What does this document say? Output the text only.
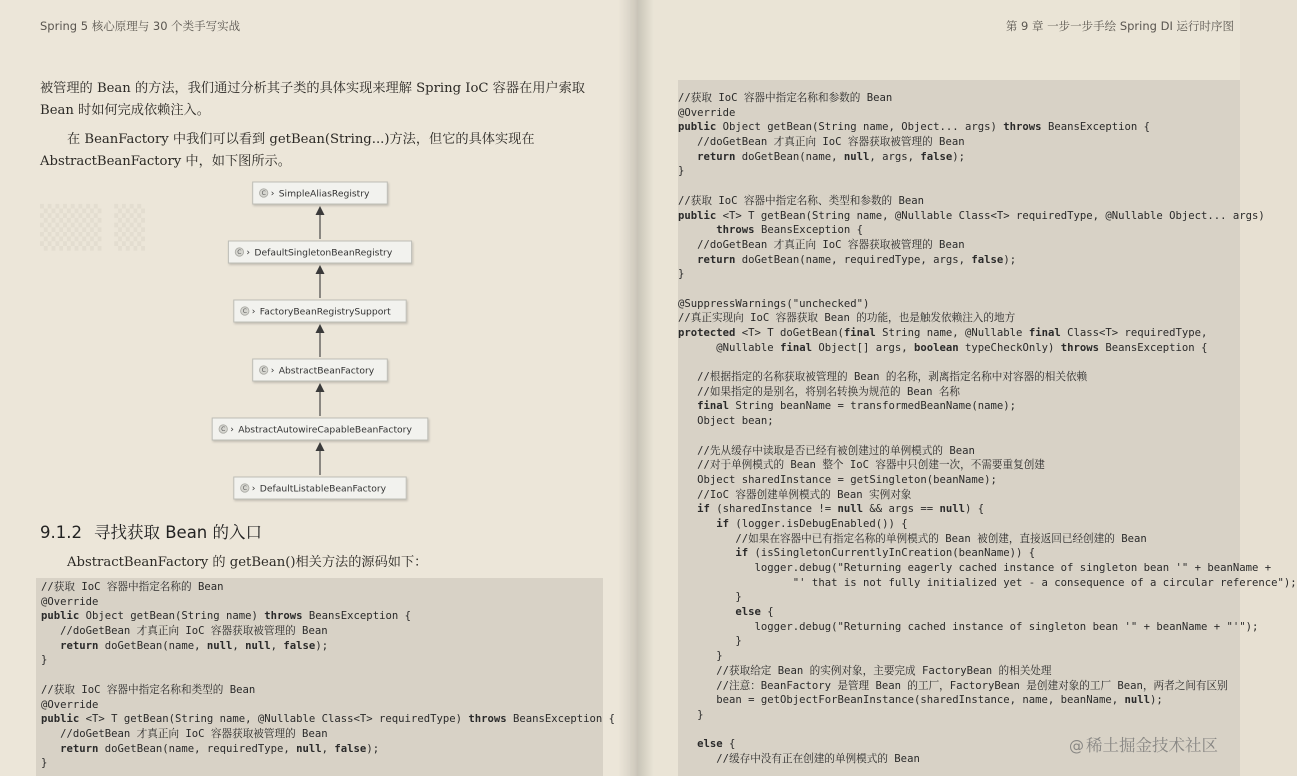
▒▒ ▒
Spring 5 核心原理与 30 个类手写实战

被管理的 Bean 的方法，我们通过分析其子类的具体实现来理解 Spring IoC 容器在用户索取 Bean 时如何完成依赖注入。

在 BeanFactory 中我们可以看到 getBean(String...)方法，但它的具体实现在 AbstractBeanFactory 中，如下图所示。

C › SimpleAliasRegistry
C › DefaultSingletonBeanRegistry
C › FactoryBeanRegistrySupport
C › AbstractBeanFactory
C › AbstractAutowireCapableBeanFactory
C › DefaultListableBeanFactory
9.1.2 寻找获取 Bean 的入口

AbstractBeanFactory 的 getBean()相关方法的源码如下：

//获取 IoC 容器中指定名称的 Bean
@Override
public Object getBean(String name) throws BeansException {
//doGetBean 才真正向 IoC 容器获取被管理的 Bean
return doGetBean(name, null, null, false);
}
//获取 IoC 容器中指定名称和类型的 Bean
@Override
public <T> T getBean(String name, @Nullable Class<T> requiredType) throws BeansException {
//doGetBean 才真正向 IoC 容器获取被管理的 Bean
return doGetBean(name, requiredType, null, false);
}
第 9 章 一步一步手绘 Spring DI 运行时序图
//获取 IoC 容器中指定名称和参数的 Bean
@Override
public Object getBean(String name, Object... args) throws BeansException {
//doGetBean 才真正向 IoC 容器获取被管理的 Bean
return doGetBean(name, null, args, false);
}
//获取 IoC 容器中指定名称、类型和参数的 Bean
public <T> T getBean(String name, @Nullable Class<T> requiredType, @Nullable Object... args)
throws BeansException {
//doGetBean 才真正向 IoC 容器获取被管理的 Bean
return doGetBean(name, requiredType, args, false);
}
@SuppressWarnings("unchecked")
//真正实现向 IoC 容器获取 Bean 的功能，也是触发依赖注入的地方
protected <T> T doGetBean(final String name, @Nullable final Class<T> requiredType,
@Nullable final Object[] args, boolean typeCheckOnly) throws BeansException {
//根据指定的名称获取被管理的 Bean 的名称，剥离指定名称中对容器的相关依赖
//如果指定的是别名，将别名转换为规范的 Bean 名称
final String beanName = transformedBeanName(name);
Object bean;
//先从缓存中读取是否已经有被创建过的单例模式的 Bean
//对于单例模式的 Bean 整个 IoC 容器中只创建一次，不需要重复创建
Object sharedInstance = getSingleton(beanName);
//IoC 容器创建单例模式的 Bean 实例对象
if (sharedInstance != null && args == null) {
if (logger.isDebugEnabled()) {
//如果在容器中已有指定名称的单例模式的 Bean 被创建，直接返回已经创建的 Bean
if (isSingletonCurrentlyInCreation(beanName)) {
logger.debug("Returning eagerly cached instance of singleton bean '" + beanName +
"' that is not fully initialized yet - a consequence of a circular reference");
}
else {
logger.debug("Returning cached instance of singleton bean '" + beanName + "'");
}
}
//获取给定 Bean 的实例对象，主要完成 FactoryBean 的相关处理
//注意：BeanFactory 是管理 Bean 的工厂，FactoryBean 是创建对象的工厂 Bean，两者之间有区别
bean = getObjectForBeanInstance(sharedInstance, name, beanName, null);
}
else {
//缓存中没有正在创建的单例模式的 Bean
@ 稀土掘金技术社区
